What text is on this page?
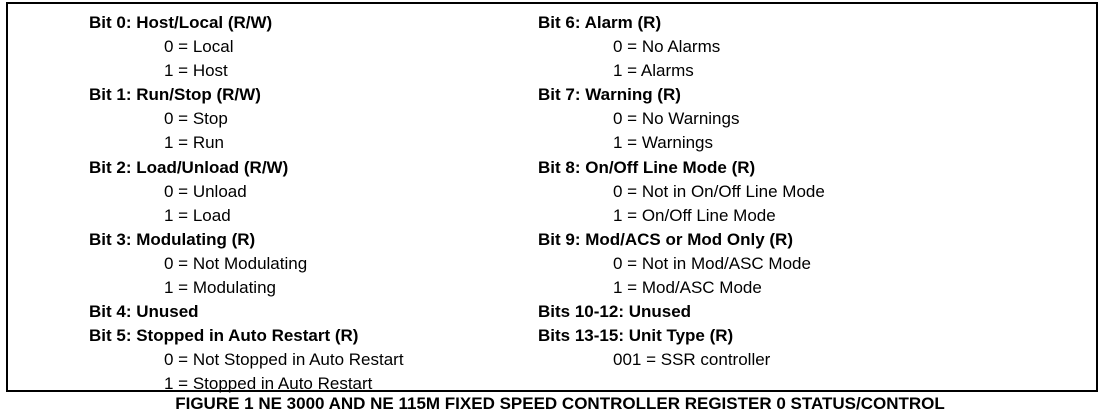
Bit 0: Host/Local (R/W)
0 = Local
1 = Host
Bit 1: Run/Stop (R/W)
0 = Stop
1 = Run
Bit 2: Load/Unload (R/W)
0 = Unload
1 = Load
Bit 3: Modulating (R)
0 = Not Modulating
1 = Modulating
Bit 4: Unused
Bit 5: Stopped in Auto Restart (R)
0 = Not Stopped in Auto Restart
1 = Stopped in Auto Restart
Bit 6: Alarm (R)
0 = No Alarms
1 = Alarms
Bit 7: Warning (R)
0 = No Warnings
1 = Warnings
Bit 8: On/Off Line Mode (R)
0 = Not in On/Off Line Mode
1 = On/Off Line Mode
Bit 9: Mod/ACS or Mod Only (R)
0 = Not in Mod/ASC Mode
1 = Mod/ASC Mode
Bits 10-12: Unused
Bits 13-15: Unit Type (R)
001 = SSR controller
FIGURE 1 NE 3000 AND NE 115M FIXED SPEED CONTROLLER REGISTER 0 STATUS/CONTROL
